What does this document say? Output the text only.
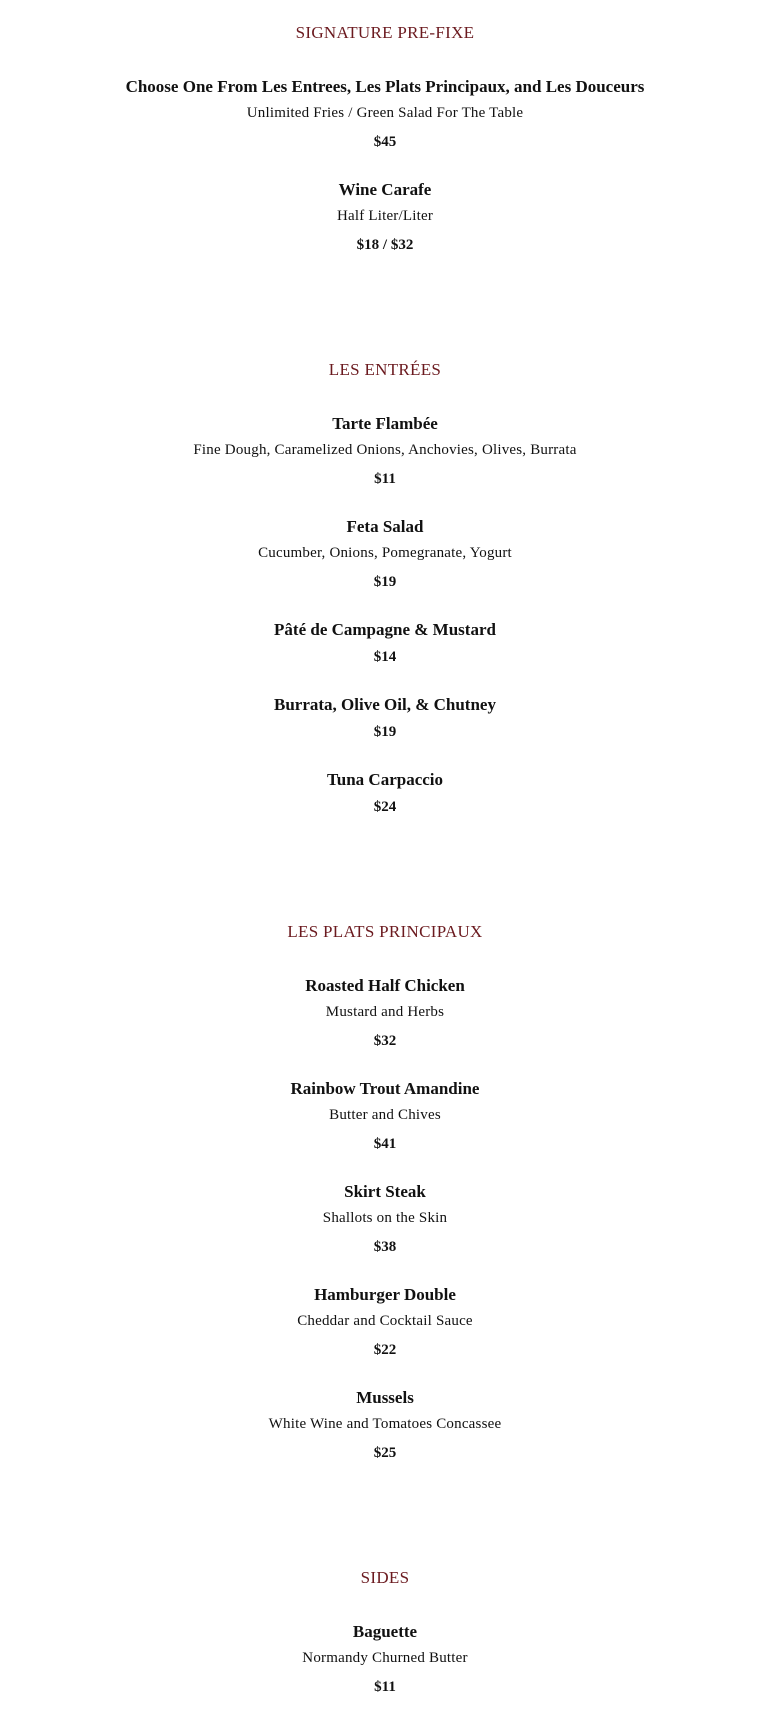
SIGNATURE PRE-FIXE

Choose One From Les Entrees, Les Plats Principaux, and Les Douceurs

Unlimited Fries / Green Salad For The Table

$45

Wine Carafe

Half Liter/Liter

$18 / $32

LES ENTRÉES

Tarte Flambée

Fine Dough, Caramelized Onions, Anchovies, Olives, Burrata

$11

Feta Salad

Cucumber, Onions, Pomegranate, Yogurt

$19

Pâté de Campagne & Mustard

$14

Burrata, Olive Oil, & Chutney

$19

Tuna Carpaccio

$24

LES PLATS PRINCIPAUX

Roasted Half Chicken

Mustard and Herbs

$32

Rainbow Trout Amandine

Butter and Chives

$41

Skirt Steak

Shallots on the Skin

$38

Hamburger Double

Cheddar and Cocktail Sauce

$22

Mussels

White Wine and Tomatoes Concassee

$25

SIDES

Baguette

Normandy Churned Butter

$11
